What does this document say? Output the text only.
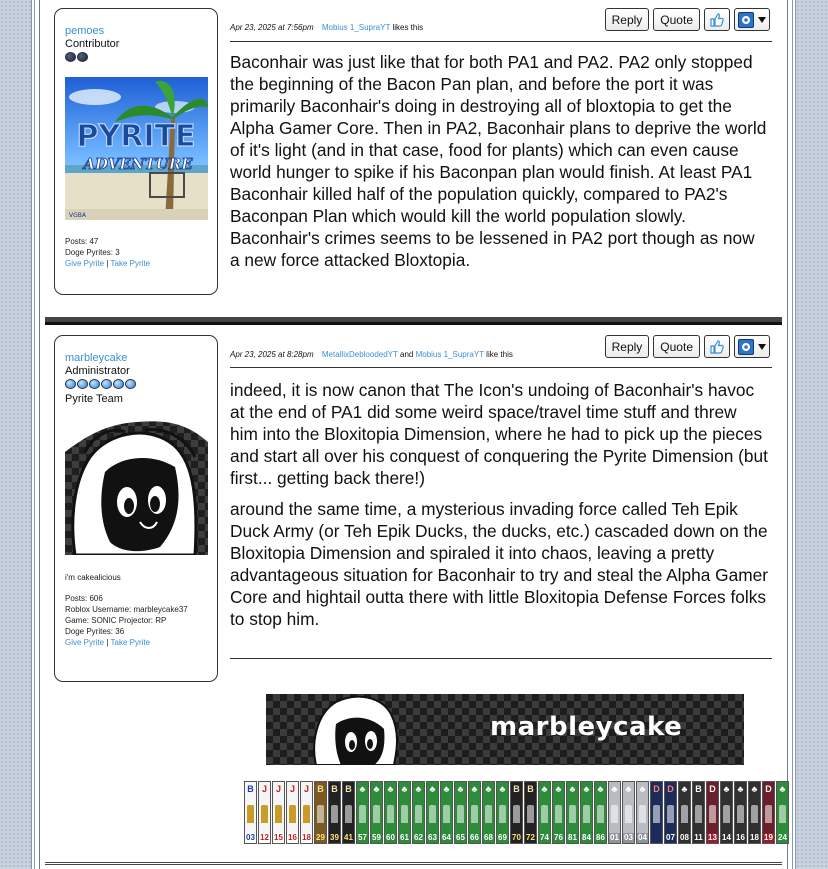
pemoes
Contributor
PYRITE
ADVENTURE
VGBA
Posts: 47
Doge Pyrites: 3
Give Pyrite | Take Pyrite
Apr 23, 2025 at 7:56pm Mobius 1_SupraYT likes this
Reply	Quote

Baconhair was just like that for both PA1 and PA2. PA2 only stopped the beginning of the Bacon Pan plan, and before the port it was primarily Baconhair's doing in destroying all of bloxtopia to get the Alpha Gamer Core. Then in PA2, Baconhair plans to deprive the world of it's light (and in that case, food for plants) which can even cause world hunger to spike if his Baconpan plan would finish. At least PA1 Baconhair killed half of the population quickly, compared to PA2's Baconpan Plan which would kill the world population slowly. Baconhair's crimes seems to be lessened in PA2 port though as now a new force attacked Bloxtopia.

marbleycake
Administrator
Pyrite Team
i'm cakealicious
Posts: 606
Roblox Username: marbleycake37
Game: SONIC Projector: RP
Doge Pyrites: 36
Give Pyrite | Take Pyrite
Apr 23, 2025 at 8:28pm MetallixDebloodedYT and Mobius 1_SupraYT like this
Reply	Quote

indeed, it is now canon that The Icon's undoing of Baconhair's havoc at the end of PA1 did some weird space/travel time stuff and threw him into the Bloxitopia Dimension, where he had to pick up the pieces and start all over his conquest of conquering the Pyrite Dimension (but first... getting back there!)

around the same time, a mysterious invading force called Teh Epik Duck Army (or Teh Epik Ducks, the ducks, etc.) cascaded down on the Bloxitopia Dimension and spiraled it into chaos, leaving a pretty advantageous situation for Baconhair to try and steal the Alpha Gamer Core and hightail outta there with little Bloxitopia Defense Forces folks to stop him.

marbleycake
B
03
J
12
J
15
J
16
J
18
B
29
B
39
B
41
♣
57
♣
59
♣
60
♣
61
♣
62
♣
63
♣
64
♣
65
♣
66
♣
68
♣
69
B
70
B
72
♣
74
♣
76
♣
81
♣
84
♣
86
♣
01
♣
03
♣
04
D D
07
♣
08
B
11
D
13
♣
14
♣
16
♣
18
D
19
♣
24
